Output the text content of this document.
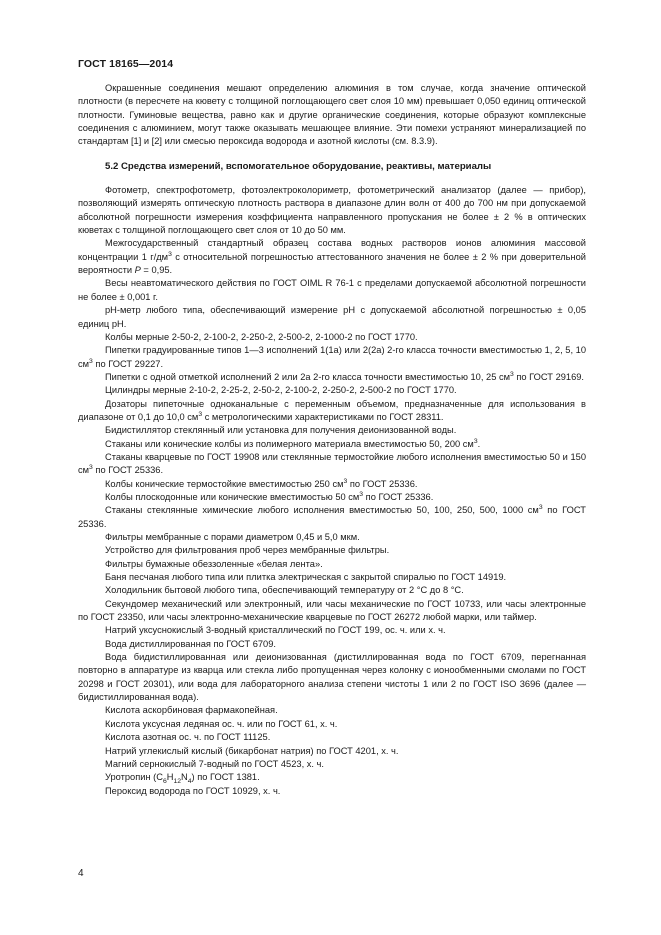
ГОСТ 18165—2014

Окрашенные соединения мешают определению алюминия в том случае, когда значение оптической плотности (в пересчете на кювету с толщиной поглощающего свет слоя 10 мм) превышает 0,050 единиц оптической плотности. Гуминовые вещества, равно как и другие органические соединения, которые образуют комплексные соединения с алюминием, могут также оказывать мешающее влияние. Эти помехи устраняют минерализацией по стандартам [1] и [2] или смесью пероксида водорода и азотной кислоты (см. 8.3.9).

5.2 Средства измерений, вспомогательное оборудование, реактивы, материалы

Фотометр, спектрофотометр, фотоэлектроколориметр, фотометрический анализатор (далее — прибор), позволяющий измерять оптическую плотность раствора в диапазоне длин волн от 400 до 700 нм при допускаемой абсолютной погрешности измерения коэффициента направленного пропускания не более ± 2 % в оптических кюветах с толщиной поглощающего свет слоя от 10 до 50 мм.

Межгосударственный стандартный образец состава водных растворов ионов алюминия массовой концентрации 1 $г/дм^3$ с относительной погрешностью аттестованного значения не более ± 2 % при доверительной вероятности Р = 0,95.

Весы неавтоматического действия по ГОСТ OIML R 76-1 с пределами допускаемой абсолютной погрешности не более ± 0,001 г.

pH-метр любого типа, обеспечивающий измерение pH с допускаемой абсолютной погрешностью ± 0,05 единиц pH.

Колбы мерные 2-50-2, 2-100-2, 2-250-2, 2-500-2, 2-1000-2 по ГОСТ 1770.

Пипетки градуированные типов 1—3 исполнений 1(1а) или 2(2а) 2-го класса точности вместимостью 1, 2, 5, 10 $см^3$ по ГОСТ 29227.

Пипетки с одной отметкой исполнений 2 или 2а 2-го класса точности вместимостью 10, 25 $см^3$ по ГОСТ 29169.

Цилиндры мерные 2-10-2, 2-25-2, 2-50-2, 2-100-2, 2-250-2, 2-500-2 по ГОСТ 1770.

Дозаторы пипеточные одноканальные с переменным объемом, предназначенные для использования в диапазоне от 0,1 до 10,0 $см^3$ с метрологическими характеристиками по ГОСТ 28311.

Бидистиллятор стеклянный или установка для получения деионизованной воды.

Стаканы или конические колбы из полимерного материала вместимостью 50, 200 $см^3$.

Стаканы кварцевые по ГОСТ 19908 или стеклянные термостойкие любого исполнения вместимостью 50 и 150 $см^3$ по ГОСТ 25336.

Колбы конические термостойкие вместимостью 250 $см^3$ по ГОСТ 25336.

Колбы плоскодонные или конические вместимостью 50 $см^3$ по ГОСТ 25336.

Стаканы стеклянные химические любого исполнения вместимостью 50, 100, 250, 500, 1000 $см^3$ по ГОСТ 25336.

Фильтры мембранные с порами диаметром 0,45 и 5,0 мкм.

Устройство для фильтрования проб через мембранные фильтры.

Фильтры бумажные обеззоленные «белая лента».

Баня песчаная любого типа или плитка электрическая с закрытой спиралью по ГОСТ 14919.

Холодильник бытовой любого типа, обеспечивающий температуру от 2 °С до 8 °С.

Секундомер механический или электронный, или часы механические по ГОСТ 10733, или часы электронные по ГОСТ 23350, или часы электронно-механические кварцевые по ГОСТ 26272 любой марки, или таймер.

Натрий уксуснокислый 3-водный кристаллический по ГОСТ 199, ос. ч. или х. ч.

Вода дистиллированная по ГОСТ 6709.

Вода бидистиллированная или деионизованная (дистиллированная вода по ГОСТ 6709, перегнанная повторно в аппаратуре из кварца или стекла либо пропущенная через колонку с ионообменными смолами по ГОСТ 20298 и ГОСТ 20301), или вода для лабораторного анализа степени чистоты 1 или 2 по ГОСТ ISO 3696 (далее — бидистиллированная вода).

Кислота аскорбиновая фармакопейная.

Кислота уксусная ледяная ос. ч. или по ГОСТ 61, х. ч.

Кислота азотная ос. ч. по ГОСТ 11125.

Натрий углекислый кислый (бикарбонат натрия) по ГОСТ 4201, х. ч.

Магний сернокислый 7-водный по ГОСТ 4523, х. ч.

Уротропин $(C_6H_{12}N_4)$ по ГОСТ 1381.

Пероксид водорода по ГОСТ 10929, х. ч.

4
